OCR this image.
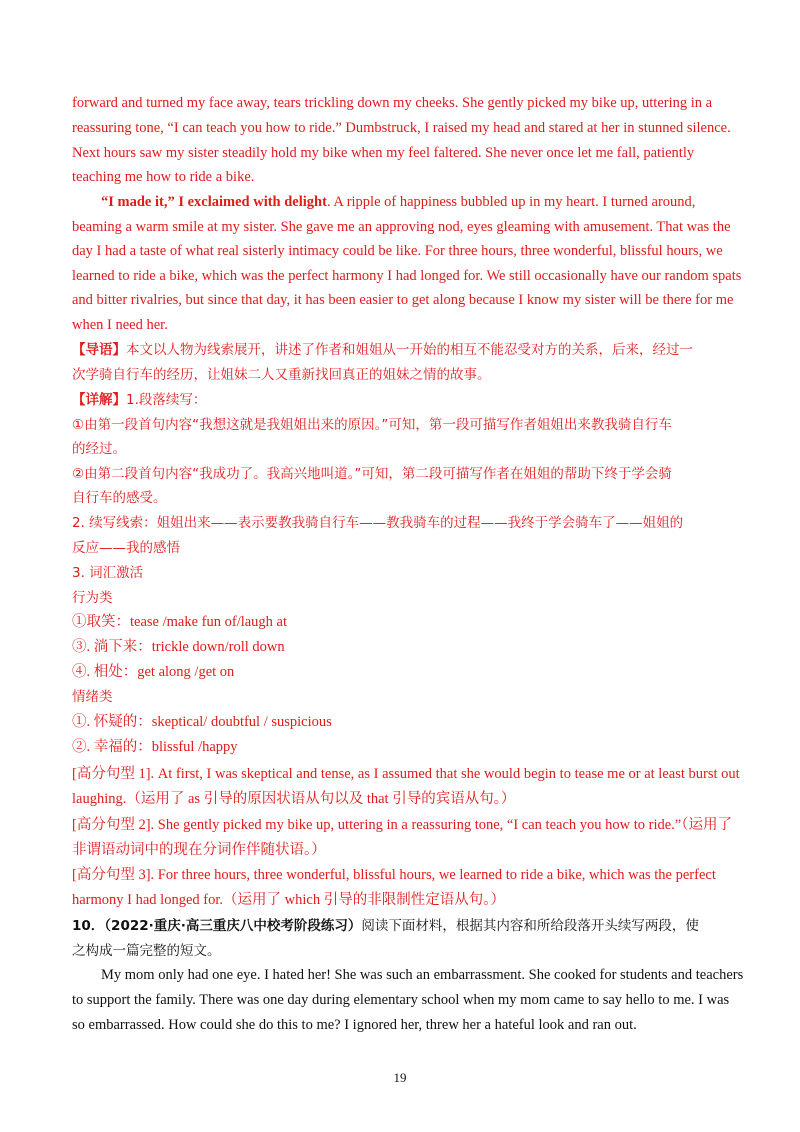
forward and turned my face away, tears trickling down my cheeks. She gently picked my bike up, uttering in a
reassuring tone, “I can teach you how to ride.” Dumbstruck, I raised my head and stared at her in stunned silence.
Next hours saw my sister steadily hold my bike when my feel faltered. She never once let me fall, patiently
teaching me how to ride a bike.
“I made it,” I exclaimed with delight. A ripple of happiness bubbled up in my heart. I turned around,
beaming a warm smile at my sister. She gave me an approving nod, eyes gleaming with amusement. That was the
day I had a taste of what real sisterly intimacy could be like. For three hours, three wonderful, blissful hours, we
learned to ride a bike, which was the perfect harmony I had longed for. We still occasionally have our random spats
and bitter rivalries, but since that day, it has been easier to get along because I know my sister will be there for me
when I need her.
【导语】本文以人物为线索展开，讲述了作者和姐姐从一开始的相互不能忍受对方的关系，后来，经过一
次学骑自行车的经历，让姐妹二人又重新找回真正的姐妹之情的故事。
【详解】1.段落续写：
①由第一段首句内容“我想这就是我姐姐出来的原因。”可知，第一段可描写作者姐姐出来教我骑自行车
的经过。
②由第二段首句内容“我成功了。我高兴地叫道。”可知，第二段可描写作者在姐姐的帮助下终于学会骑
自行车的感受。
2. 续写线索：姐姐出来——表示要教我骑自行车——教我骑车的过程——我终于学会骑车了——姐姐的
反应——我的感悟
3. 词汇激活
行为类
①取笑：tease /make fun of/laugh at
③. 淌下来：trickle down/roll down
④. 相处：get along /get on
情绪类
①. 怀疑的：skeptical/ doubtful / suspicious
②. 幸福的：blissful /happy
[高分句型 1]. At first, I was skeptical and tense, as I assumed that she would begin to tease me or at least burst out
laughing.（运用了 as 引导的原因状语从句以及 that 引导的宾语从句。）
[高分句型 2]. She gently picked my bike up, uttering in a reassuring tone, “I can teach you how to ride.”（运用了
非谓语动词中的现在分词作伴随状语。）
[高分句型 3]. For three hours, three wonderful, blissful hours, we learned to ride a bike, which was the perfect
harmony I had longed for.（运用了 which 引导的非限制性定语从句。）
10．（2022·重庆·高三重庆八中校考阶段练习）阅读下面材料，根据其内容和所给段落开头续写两段，使
之构成一篇完整的短文。
My mom only had one eye. I hated her! She was such an embarrassment. She cooked for students and teachers
to support the family. There was one day during elementary school when my mom came to say hello to me. I was
so embarrassed. How could she do this to me? I ignored her, threw her a hateful look and ran out.
19
